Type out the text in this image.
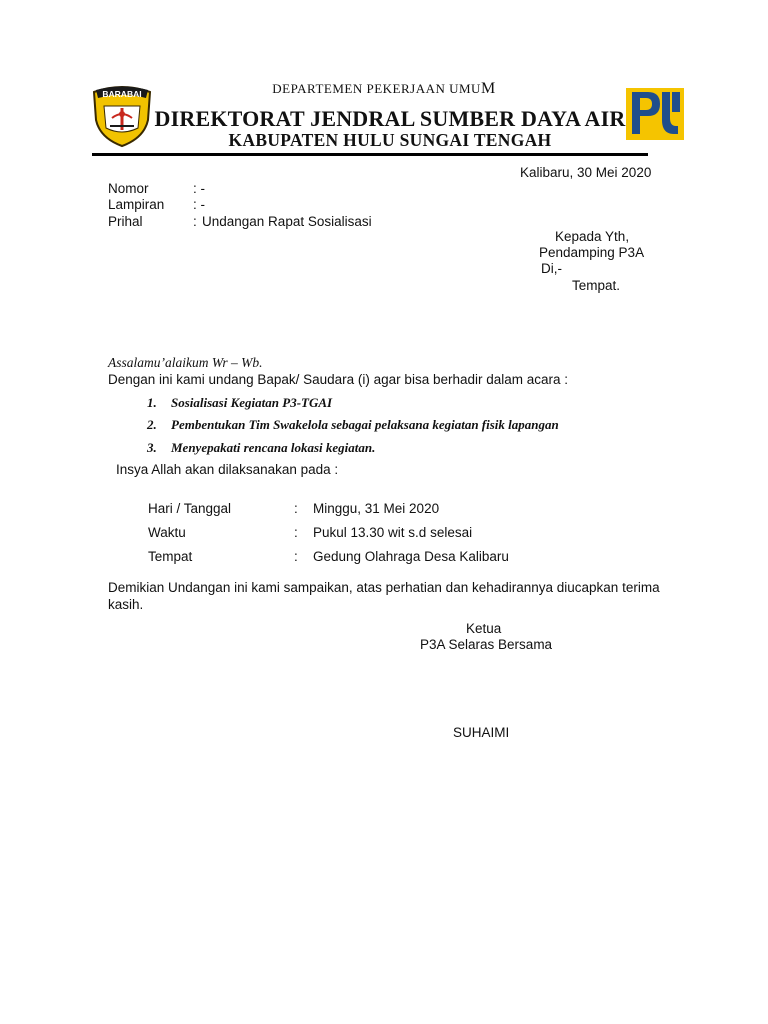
BARABAI	DEPARTEMEN PEKERJAAN UMUM
DIREKTORAT JENDRAL SUMBER DAYA AIR
KABUPATEN HULU SUNGAI TENGAH
Kalibaru, 30 Mei 2020
Nomor	: -
Lampiran : -
Prihal	: Undangan Rapat Sosialisasi
Kepada Yth,
Pendamping P3A
Di,-
Tempat.
Assalamu’alaikum Wr – Wb.
Dengan ini kami undang Bapak/ Saudara (i) agar bisa berhadir dalam acara :
1. Sosialisasi Kegiatan P3-TGAI
2. Pembentukan Tim Swakelola sebagai pelaksana kegiatan fisik lapangan
3. Menyepakati rencana lokasi kegiatan.
Insya Allah akan dilaksanakan pada :
Hari / Tanggal	: Minggu, 31 Mei 2020
Waktu	: Pukul 13.30 wit s.d selesai
Tempat	: Gedung Olahraga Desa Kalibaru
Demikian Undangan ini kami sampaikan, atas perhatian dan kehadirannya diucapkan terima
kasih.
Ketua
P3A Selaras Bersama
SUHAIMI
